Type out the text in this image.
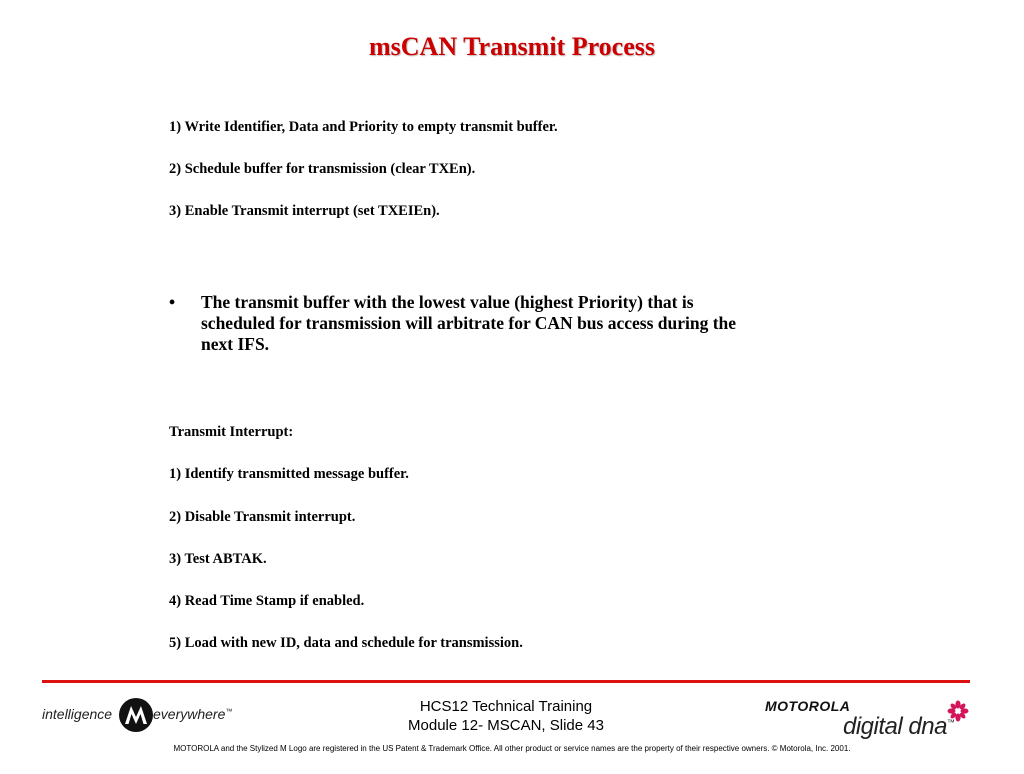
msCAN Transmit Process
1) Write Identifier, Data and Priority to empty transmit buffer.
2) Schedule buffer for transmission (clear TXEn).
3) Enable Transmit interrupt (set TXEIEn).
• The transmit buffer with the lowest value (highest Priority) that is scheduled for transmission will arbitrate for CAN bus access during the next IFS.
Transmit Interrupt:
1) Identify transmitted message buffer.
2) Disable Transmit interrupt.
3) Test ABTAK.
4) Read Time Stamp if enabled.
5) Load with new ID, data and schedule for transmission.
intelligence	everywhere™	HCS12 Technical Training
Module 12- MSCAN, Slide 43
MOTOROLA
digital dna™
MOTOROLA and the Stylized M Logo are registered in the US Patent & Trademark Office. All other product or service names are the property of their respective owners. © Motorola, Inc. 2001.
